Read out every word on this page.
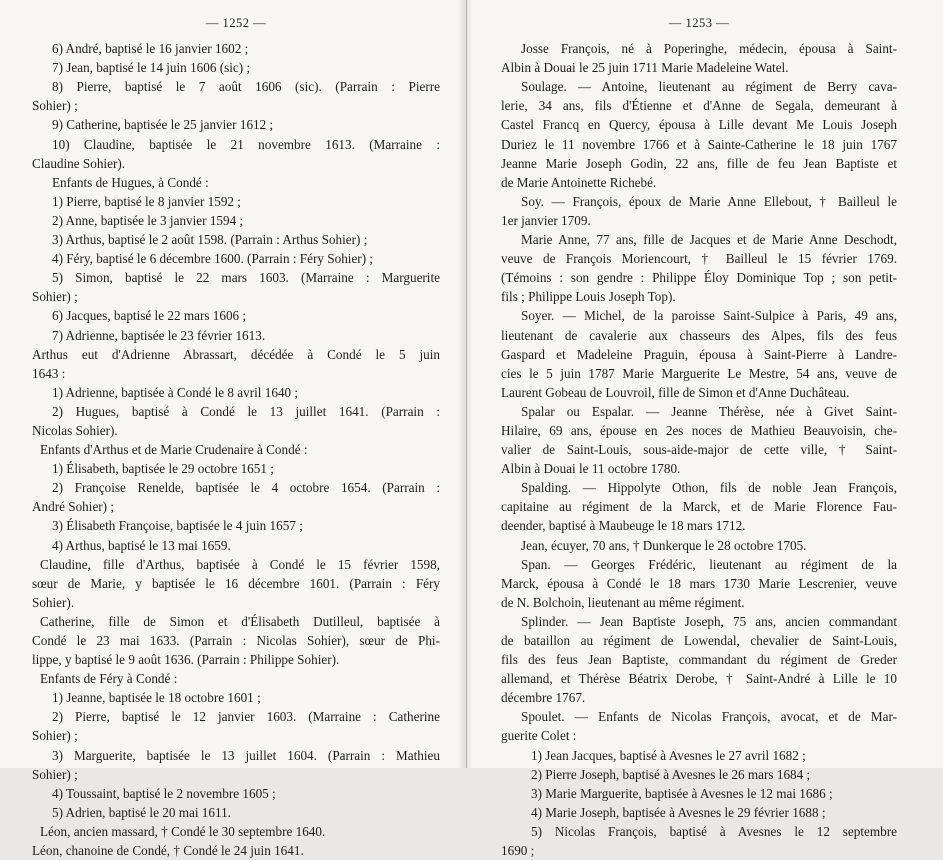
— 1252 —
6) André, baptisé le 16 janvier 1602 ;
7) Jean, baptisé le 14 juin 1606 (sic) ;
8) Pierre, baptisé le 7 août 1606 (sic). (Parrain : Pierre
Sohier) ;
9) Catherine, baptisée le 25 janvier 1612 ;
10) Claudine, baptisée le 21 novembre 1613. (Marraine :
Claudine Sohier).
Enfants de Hugues, à Condé :
1) Pierre, baptisé le 8 janvier 1592 ;
2) Anne, baptisée le 3 janvier 1594 ;
3) Arthus, baptisé le 2 août 1598. (Parrain : Arthus Sohier) ;
4) Féry, baptisé le 6 décembre 1600. (Parrain : Féry Sohier) ;
5) Simon, baptisé le 22 mars 1603. (Marraine : Marguerite
Sohier) ;
6) Jacques, baptisé le 22 mars 1606 ;
7) Adrienne, baptisée le 23 février 1613.
Arthus eut d'Adrienne Abrassart, décédée à Condé le 5 juin
1643 :
1) Adrienne, baptisée à Condé le 8 avril 1640 ;
2) Hugues, baptisé à Condé le 13 juillet 1641. (Parrain :
Nicolas Sohier).
Enfants d'Arthus et de Marie Crudenaire à Condé :
1) Élisabeth, baptisée le 29 octobre 1651 ;
2) Françoise Renelde, baptisée le 4 octobre 1654. (Parrain :
André Sohier) ;
3) Élisabeth Françoise, baptisée le 4 juin 1657 ;
4) Arthus, baptisé le 13 mai 1659.
Claudine, fille d'Arthus, baptisée à Condé le 15 février 1598,
sœur de Marie, y baptisée le 16 décembre 1601. (Parrain : Féry
Sohier).
Catherine, fille de Simon et d'Élisabeth Dutilleul, baptisée à
Condé le 23 mai 1633. (Parrain : Nicolas Sohier), sœur de Phi-
lippe, y baptisé le 9 août 1636. (Parrain : Philippe Sohier).
Enfants de Féry à Condé :
1) Jeanne, baptisée le 18 octobre 1601 ;
2) Pierre, baptisé le 12 janvier 1603. (Marraine : Catherine
Sohier) ;
3) Marguerite, baptisée le 13 juillet 1604. (Parrain : Mathieu
Sohier) ;
4) Toussaint, baptisé le 2 novembre 1605 ;
5) Adrien, baptisé le 20 mai 1611.
Léon, ancien massard, † Condé le 30 septembre 1640.
Léon, chanoine de Condé, † Condé le 24 juin 1641.
— 1253 —
Josse François, né à Poperinghe, médecin, épousa à Saint-
Albin à Douai le 25 juin 1711 Marie Madeleine Watel.
Soulage. — Antoine, lieutenant au régiment de Berry cava-
lerie, 34 ans, fils d'Étienne et d'Anne de Segala, demeurant à
Castel Francq en Quercy, épousa à Lille devant Me Louis Joseph
Duriez le 11 novembre 1766 et à Sainte-Catherine le 18 juin 1767
Jeanne Marie Joseph Godin, 22 ans, fille de feu Jean Baptiste et
de Marie Antoinette Richebé.
Soy. — François, époux de Marie Anne Ellebout, † Bailleul le
1er janvier 1709.
Marie Anne, 77 ans, fille de Jacques et de Marie Anne Deschodt,
veuve de François Moriencourt, † Bailleul le 15 février 1769.
(Témoins : son gendre : Philippe Éloy Dominique Top ; son petit-
fils ; Philippe Louis Joseph Top).
Soyer. — Michel, de la paroisse Saint-Sulpice à Paris, 49 ans,
lieutenant de cavalerie aux chasseurs des Alpes, fils des feus
Gaspard et Madeleine Praguin, épousa à Saint-Pierre à Landre-
cies le 5 juin 1787 Marie Marguerite Le Mestre, 54 ans, veuve de
Laurent Gobeau de Louvroil, fille de Simon et d'Anne Duchâteau.
Spalar ou Espalar. — Jeanne Thérèse, née à Givet Saint-
Hilaire, 69 ans, épouse en 2es noces de Mathieu Beauvoisin, che-
valier de Saint-Louis, sous-aide-major de cette ville, † Saint-
Albin à Douai le 11 octobre 1780.
Spalding. — Hippolyte Othon, fils de noble Jean François,
capitaine au régiment de la Marck, et de Marie Florence Fau-
deender, baptisé à Maubeuge le 18 mars 1712.
Jean, écuyer, 70 ans, † Dunkerque le 28 octobre 1705.
Span. — Georges Frédéric, lieutenant au régiment de la
Marck, épousa à Condé le 18 mars 1730 Marie Lescrenier, veuve
de N. Bolchoin, lieutenant au même régiment.
Splinder. — Jean Baptiste Joseph, 75 ans, ancien commandant
de bataillon au régiment de Lowendal, chevalier de Saint-Louis,
fils des feus Jean Baptiste, commandant du régiment de Greder
allemand, et Thérèse Béatrix Derobe, † Saint-André à Lille le 10
décembre 1767.
Spoulet. — Enfants de Nicolas François, avocat, et de Mar-
guerite Colet :
1) Jean Jacques, baptisé à Avesnes le 27 avril 1682 ;
2) Pierre Joseph, baptisé à Avesnes le 26 mars 1684 ;
3) Marie Marguerite, baptisée à Avesnes le 12 mai 1686 ;
4) Marie Joseph, baptisée à Avesnes le 29 février 1688 ;
5) Nicolas François, baptisé à Avesnes le 12 septembre
1690 ;
